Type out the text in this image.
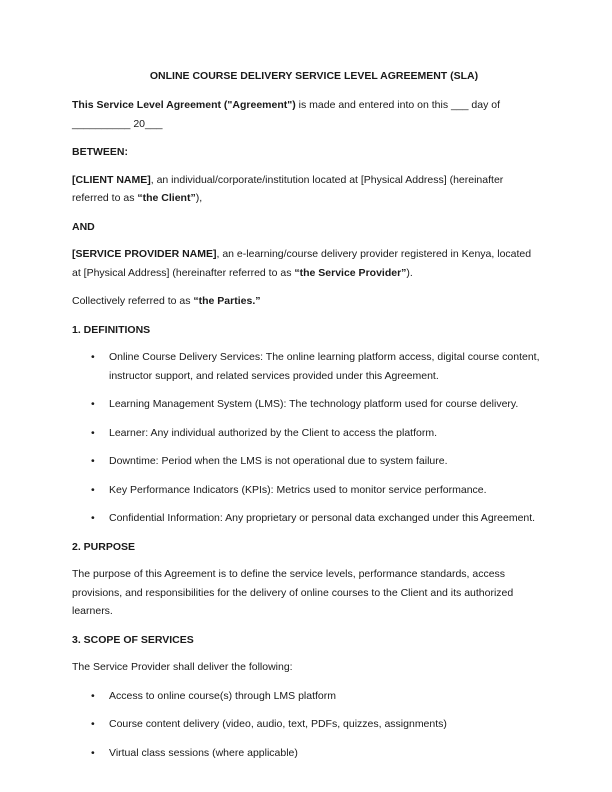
ONLINE COURSE DELIVERY SERVICE LEVEL AGREEMENT (SLA)

This Service Level Agreement ("Agreement") is made and entered into on this ___ day of
__________ 20___

BETWEEN:

[CLIENT NAME], an individual/corporate/institution located at [Physical Address] (hereinafter referred to as “the Client”),

AND

[SERVICE PROVIDER NAME], an e-learning/course delivery provider registered in Kenya, located at [Physical Address] (hereinafter referred to as “the Service Provider”).

Collectively referred to as “the Parties.”

1. DEFINITIONS

• Online Course Delivery Services: The online learning platform access, digital course content, instructor support, and related services provided under this Agreement.
• Learning Management System (LMS): The technology platform used for course delivery.
• Learner: Any individual authorized by the Client to access the platform.
• Downtime: Period when the LMS is not operational due to system failure.
• Key Performance Indicators (KPIs): Metrics used to monitor service performance.
• Confidential Information: Any proprietary or personal data exchanged under this Agreement.

2. PURPOSE

The purpose of this Agreement is to define the service levels, performance standards, access provisions, and responsibilities for the delivery of online courses to the Client and its authorized learners.

3. SCOPE OF SERVICES

The Service Provider shall deliver the following:

• Access to online course(s) through LMS platform
• Course content delivery (video, audio, text, PDFs, quizzes, assignments)
• Virtual class sessions (where applicable)
